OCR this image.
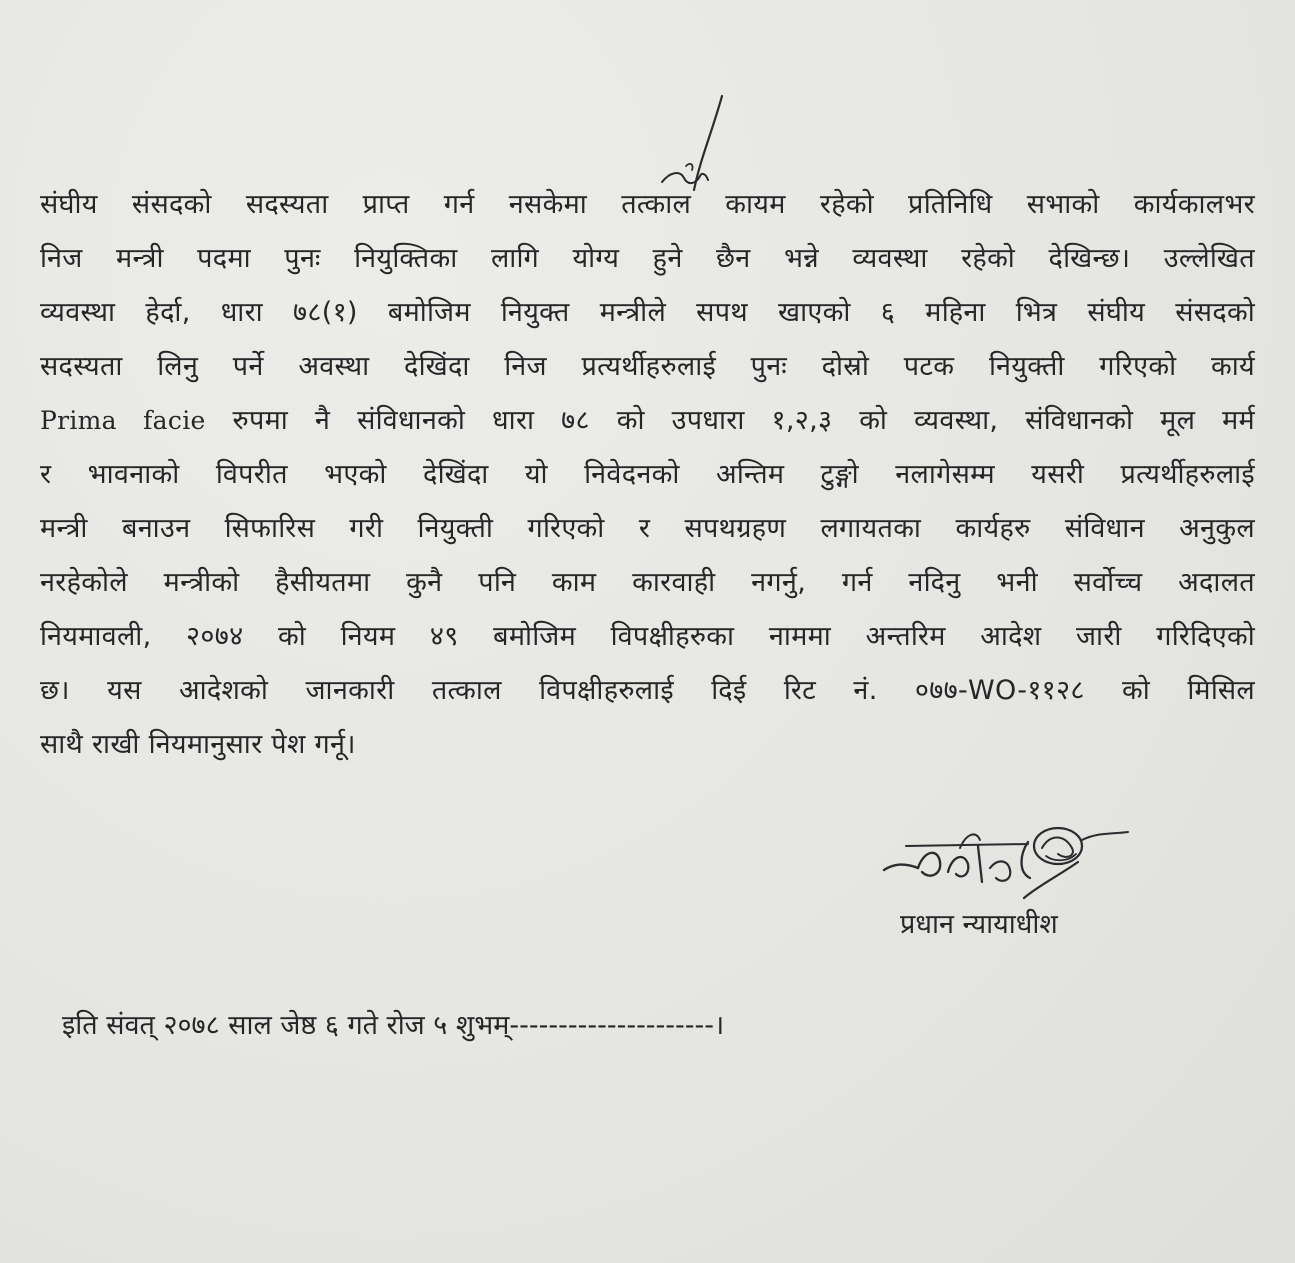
संघीय संसदको सदस्यता प्राप्त गर्न नसकेमा तत्काल कायम रहेको प्रतिनिधि सभाको कार्यकालभर
निज मन्त्री पदमा पुनः नियुक्तिका लागि योग्य हुने छैन भन्ने व्यवस्था रहेको देखिन्छ। उल्लेखित
व्यवस्था हेर्दा, धारा ७८(१) बमोजिम नियुक्त मन्त्रीले सपथ खाएको ६ महिना भित्र संघीय संसदको
सदस्यता लिनु पर्ने अवस्था देखिंदा निज प्रत्यर्थीहरुलाई पुनः दोस्रो पटक नियुक्ती गरिएको कार्य
Prima facie रुपमा नै संविधानको धारा ७८ को उपधारा १,२,३ को व्यवस्था, संविधानको मूल मर्म
र भावनाको विपरीत भएको देखिंदा यो निवेदनको अन्तिम टुङ्गो नलागेसम्म यसरी प्रत्यर्थीहरुलाई
मन्त्री बनाउन सिफारिस गरी नियुक्ती गरिएको र सपथग्रहण लगायतका कार्यहरु संविधान अनुकुल
नरहेकोले मन्त्रीको हैसीयतमा कुनै पनि काम कारवाही नगर्नु, गर्न नदिनु भनी सर्वोच्च अदालत
नियमावली, २०७४ को नियम ४९ बमोजिम विपक्षीहरुका नाममा अन्तरिम आदेश जारी गरिदिएको
छ। यस आदेशको जानकारी तत्काल विपक्षीहरुलाई दिई रिट नं. ०७७-WO-११२८ को मिसिल
साथै राखी नियमानुसार पेश गर्नू।
प्रधान न्यायाधीश
इति संवत् २०७८ साल जेष्ठ ६ गते रोज ५ शुभम्---------------------।
